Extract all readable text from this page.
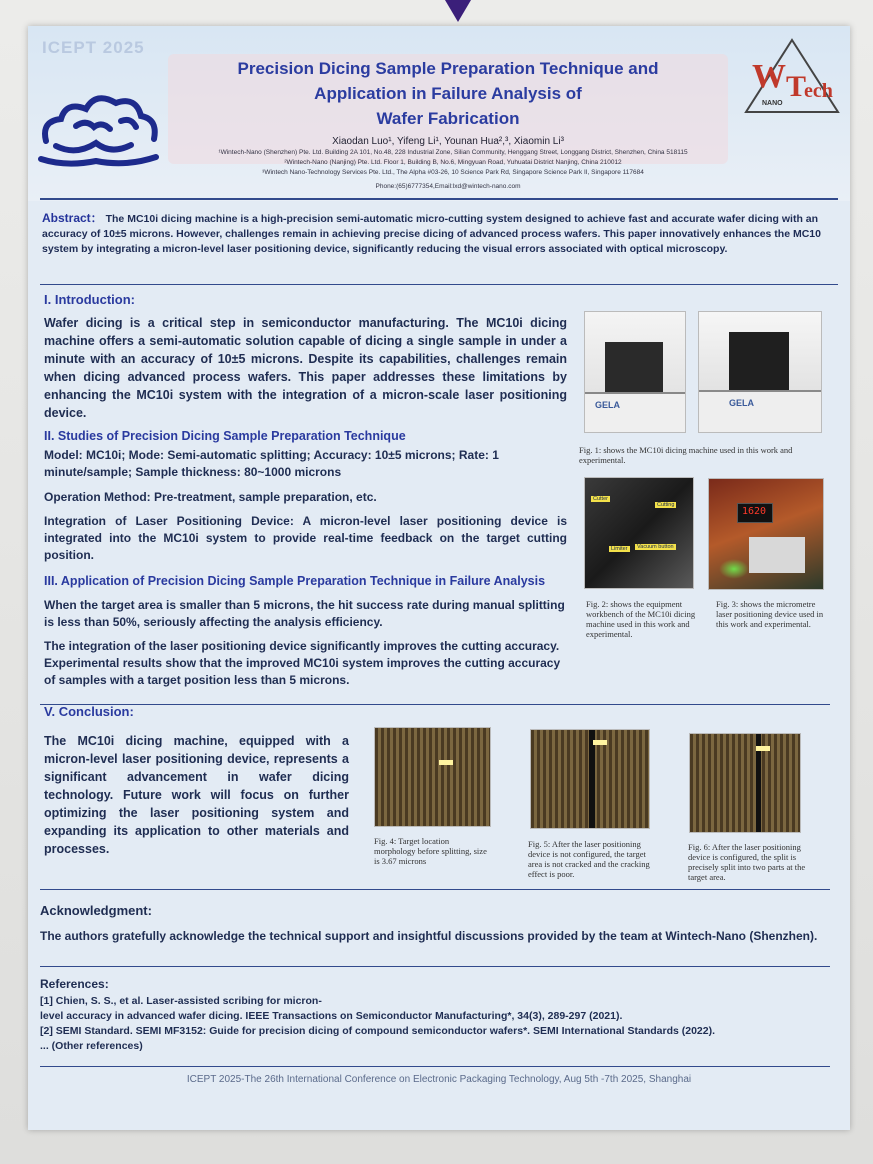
ICEPT 2025
Precision Dicing Sample Preparation Technique and
Application in Failure Analysis of
Wafer Fabrication
Xiaodan Luo¹, Yifeng Li¹, Younan Hua²,³, Xiaomin Li³
¹Wintech-Nano (Shenzhen) Pte. Ltd. Building 2A 101, No.48, 228 Industrial Zone, Silian Community, Henggang Street, Longgang District, Shenzhen, China 518115
²Wintech-Nano (Nanjing) Pte. Ltd. Floor 1, Building B, No.6, Mingyuan Road, Yuhuatai District Nanjing, China 210012
³Wintech Nano-Technology Services Pte. Ltd., The Alpha #03-26, 10 Science Park Rd, Singapore Science Park II, Singapore 117684
Phone:(65)6777354,Email:lxd@wintech-nano.com
W T
ech
NANO
Abstract： The MC10i dicing machine is a high-precision semi-automatic micro-cutting system designed to achieve fast and accurate wafer dicing with an accuracy of 10±5 microns. However, challenges remain in achieving precise dicing of advanced process wafers. This paper innovatively enhances the MC10 system by integrating a micron-level laser positioning device, significantly reducing the visual errors associated with optical microscopy.
I. Introduction:
Wafer dicing is a critical step in semiconductor manufacturing. The MC10i dicing machine offers a semi-automatic solution capable of dicing a single sample in under a minute with an accuracy of 10±5 microns. Despite its capabilities, challenges remain when dicing advanced process wafers. This paper addresses these limitations by enhancing the MC10i system with the integration of a micron-scale laser positioning device.
II. Studies of Precision Dicing Sample Preparation Technique
Model: MC10i; Mode: Semi-automatic splitting; Accuracy: 10±5 microns; Rate: 1 minute/sample; Sample thickness: 80~1000 microns
Operation Method: Pre-treatment, sample preparation, etc.
Integration of Laser Positioning Device: A micron-level laser positioning device is integrated into the MC10i system to provide real-time feedback on the target cutting position.
III. Application of Precision Dicing Sample Preparation Technique in Failure Analysis
When the target area is smaller than 5 microns, the hit success rate during manual splitting is less than 50%, seriously affecting the analysis efficiency.
The integration of the laser positioning device significantly improves the cutting accuracy. Experimental results show that the improved MC10i system improves the cutting accuracy of samples with a target position less than 5 microns.
GELA	GELA
Fig. 1: shows the MC10i dicing machine used in this work and experimental.
Cutter
Cutting
Limiter	Vacuum button
Fig. 2: shows the equipment workbench of the MC10i dicing machine used in this work and experimental.
1620
Fig. 3: shows the micrometre laser positioning device used in this work and experimental.
V. Conclusion:
The MC10i dicing machine, equipped with a micron-level laser positioning device, represents a significant advancement in wafer dicing technology. Future work will focus on further optimizing the laser positioning system and expanding its application to other materials and processes.
Fig. 4: Target location morphology before splitting, size is 3.67 microns
Fig. 5: After the laser positioning device is not configured, the target area is not cracked and the cracking effect is poor.
Fig. 6: After the laser positioning device is configured, the split is precisely split into two parts at the target area.
Acknowledgment:
The authors gratefully acknowledge the technical support and insightful discussions provided by the team at Wintech-Nano (Shenzhen).
References:
[1] Chien, S. S., et al. Laser-assisted scribing for micron-
level accuracy in advanced wafer dicing. IEEE Transactions on Semiconductor Manufacturing*, 34(3), 289-297 (2021).
[2] SEMI Standard. SEMI MF3152: Guide for precision dicing of compound semiconductor wafers*. SEMI International Standards (2022).
... (Other references)
ICEPT 2025-The 26th International Conference on Electronic Packaging Technology, Aug 5th -7th 2025, Shanghai
